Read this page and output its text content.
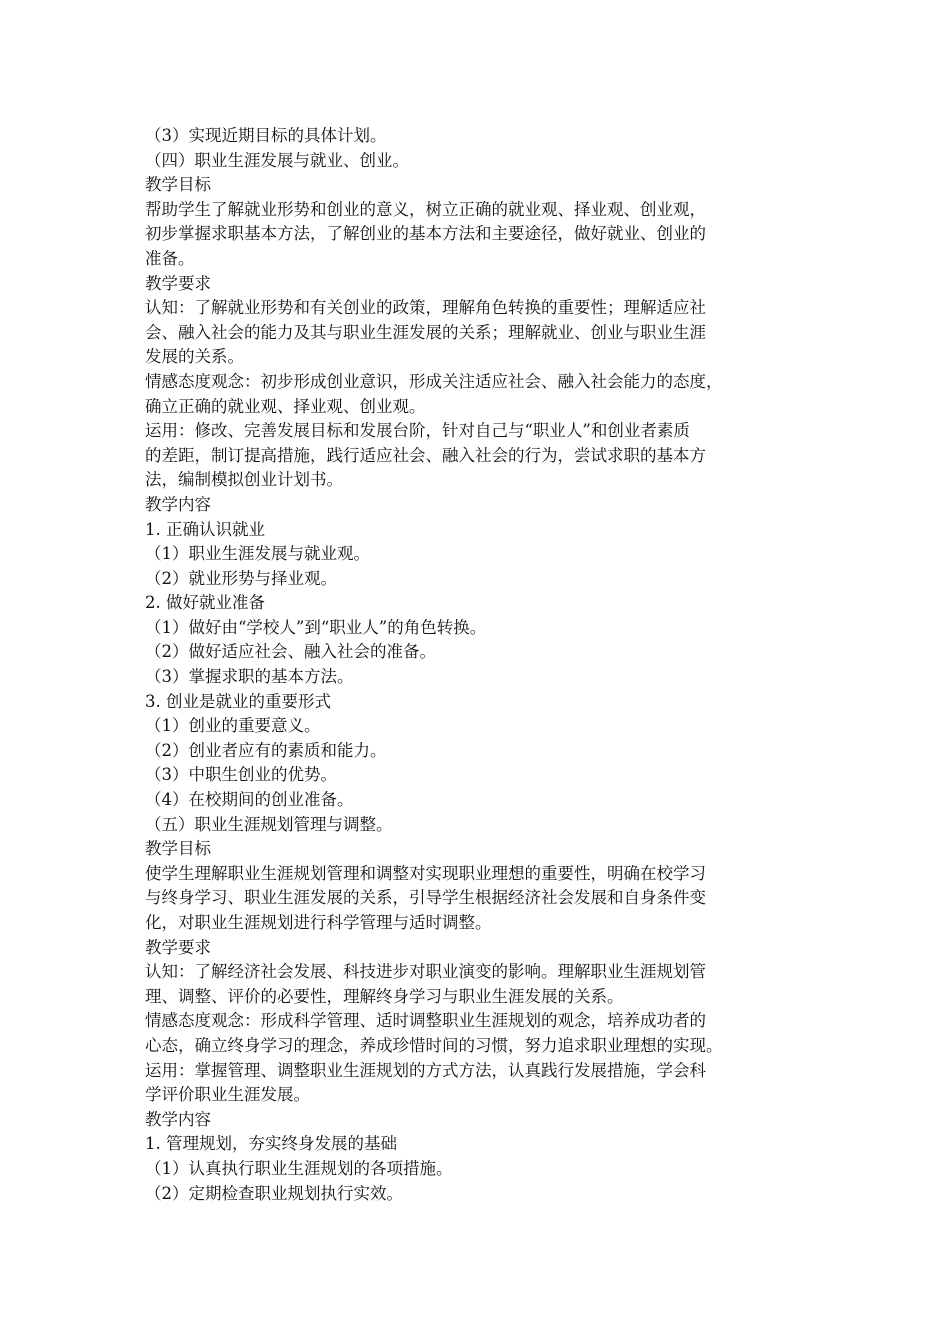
（3）实现近期目标的具体计划。

（四）职业生涯发展与就业、创业。

教学目标

帮助学生了解就业形势和创业的意义，树立正确的就业观、择业观、创业观，

初步掌握求职基本方法，了解创业的基本方法和主要途径，做好就业、创业的

准备。

教学要求

认知：了解就业形势和有关创业的政策，理解角色转换的重要性；理解适应社

会、融入社会的能力及其与职业生涯发展的关系；理解就业、创业与职业生涯

发展的关系。

情感态度观念：初步形成创业意识，形成关注适应社会、融入社会能力的态度，

确立正确的就业观、择业观、创业观。

运用：修改、完善发展目标和发展台阶，针对自己与“职业人”和创业者素质

的差距，制订提高措施，践行适应社会、融入社会的行为，尝试求职的基本方

法，编制模拟创业计划书。

教学内容

1. 正确认识就业

（1）职业生涯发展与就业观。

（2）就业形势与择业观。

2. 做好就业准备

（1）做好由“学校人”到“职业人”的角色转换。

（2）做好适应社会、融入社会的准备。

（3）掌握求职的基本方法。

3. 创业是就业的重要形式

（1）创业的重要意义。

（2）创业者应有的素质和能力。

（3）中职生创业的优势。

（4）在校期间的创业准备。

（五）职业生涯规划管理与调整。

教学目标

使学生理解职业生涯规划管理和调整对实现职业理想的重要性，明确在校学习

与终身学习、职业生涯发展的关系，引导学生根据经济社会发展和自身条件变

化，对职业生涯规划进行科学管理与适时调整。

教学要求

认知：了解经济社会发展、科技进步对职业演变的影响。理解职业生涯规划管

理、调整、评价的必要性，理解终身学习与职业生涯发展的关系。

情感态度观念：形成科学管理、适时调整职业生涯规划的观念，培养成功者的

心态，确立终身学习的理念，养成珍惜时间的习惯，努力追求职业理想的实现。

运用：掌握管理、调整职业生涯规划的方式方法，认真践行发展措施，学会科

学评价职业生涯发展。

教学内容

1. 管理规划，夯实终身发展的基础

（1）认真执行职业生涯规划的各项措施。

（2）定期检查职业规划执行实效。
